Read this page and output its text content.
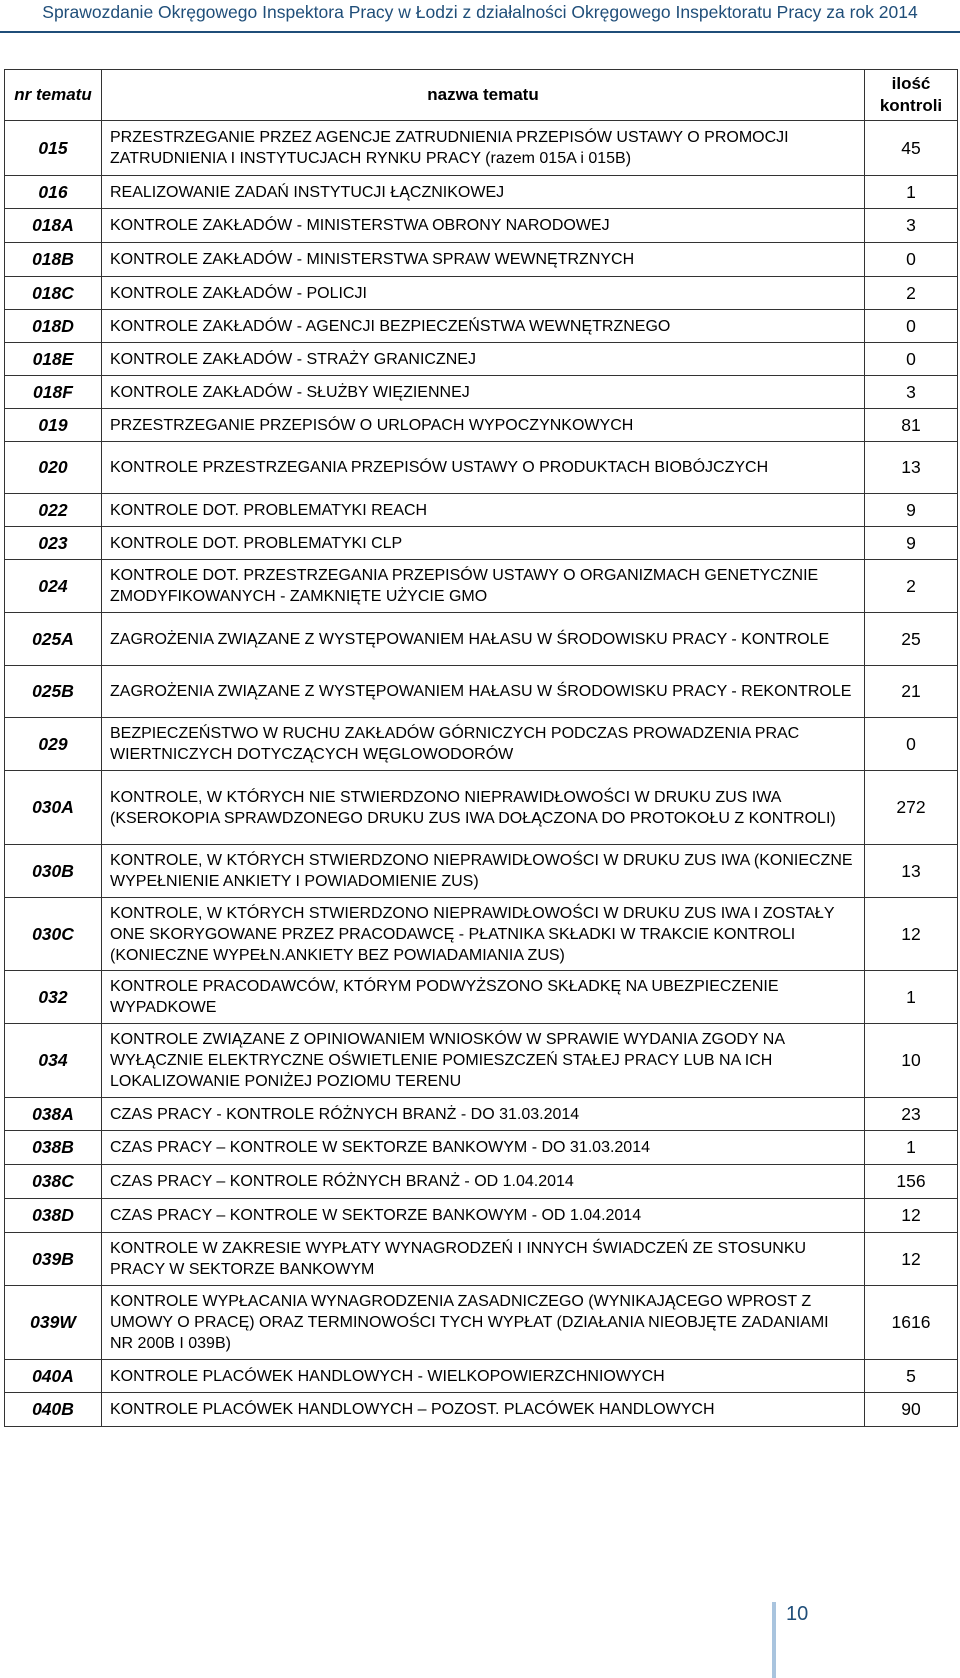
Sprawozdanie Okręgowego Inspektora Pracy w Łodzi z działalności Okręgowego Inspektoratu Pracy za rok 2014
nr tematu	nazwa tematu	ilość kontroli
015	PRZESTRZEGANIE PRZEZ AGENCJE ZATRUDNIENIA PRZEPISÓW USTAWY O PROMOCJI ZATRUDNIENIA I INSTYTUCJACH RYNKU PRACY (razem 015A i 015B)	45
016	REALIZOWANIE ZADAŃ INSTYTUCJI ŁĄCZNIKOWEJ	1
018A	KONTROLE ZAKŁADÓW - MINISTERSTWA OBRONY NARODOWEJ	3
018B	KONTROLE ZAKŁADÓW - MINISTERSTWA SPRAW WEWNĘTRZNYCH	0
018C	KONTROLE ZAKŁADÓW - POLICJI	2
018D	KONTROLE ZAKŁADÓW - AGENCJI BEZPIECZEŃSTWA WEWNĘTRZNEGO	0
018E	KONTROLE ZAKŁADÓW - STRAŻY GRANICZNEJ	0
018F	KONTROLE ZAKŁADÓW - SŁUŻBY WIĘZIENNEJ	3
019	PRZESTRZEGANIE PRZEPISÓW O URLOPACH WYPOCZYNKOWYCH	81
020	KONTROLE PRZESTRZEGANIA PRZEPISÓW USTAWY O PRODUKTACH BIOBÓJCZYCH	13
022	KONTROLE DOT. PROBLEMATYKI REACH	9
023	KONTROLE DOT. PROBLEMATYKI CLP	9
024	KONTROLE DOT. PRZESTRZEGANIA PRZEPISÓW USTAWY O ORGANIZMACH GENETYCZNIE ZMODYFIKOWANYCH - ZAMKNIĘTE UŻYCIE GMO	2
025A	ZAGROŻENIA ZWIĄZANE Z WYSTĘPOWANIEM HAŁASU W ŚRODOWISKU PRACY - KONTROLE	25
025B	ZAGROŻENIA ZWIĄZANE Z WYSTĘPOWANIEM HAŁASU W ŚRODOWISKU PRACY - REKONTROLE	21
029	BEZPIECZEŃSTWO W RUCHU ZAKŁADÓW GÓRNICZYCH PODCZAS PROWADZENIA PRAC WIERTNICZYCH DOTYCZĄCYCH WĘGLOWODORÓW	0
030A	KONTROLE, W KTÓRYCH NIE STWIERDZONO NIEPRAWIDŁOWOŚCI W DRUKU ZUS IWA (KSEROKOPIA SPRAWDZONEGO DRUKU ZUS IWA DOŁĄCZONA DO PROTOKOŁU Z KONTROLI)	272
030B	KONTROLE, W KTÓRYCH STWIERDZONO NIEPRAWIDŁOWOŚCI W DRUKU ZUS IWA (KONIECZNE WYPEŁNIENIE ANKIETY I POWIADOMIENIE ZUS)	13
030C	KONTROLE, W KTÓRYCH STWIERDZONO NIEPRAWIDŁOWOŚCI W DRUKU ZUS IWA I ZOSTAŁY ONE SKORYGOWANE PRZEZ PRACODAWCĘ - PŁATNIKA SKŁADKI W TRAKCIE KONTROLI (KONIECZNE WYPEŁN.ANKIETY BEZ POWIADAMIANIA ZUS)	12
032	KONTROLE PRACODAWCÓW, KTÓRYM PODWYŻSZONO SKŁADKĘ NA UBEZPIECZENIE WYPADKOWE	1
034	KONTROLE ZWIĄZANE Z OPINIOWANIEM WNIOSKÓW W SPRAWIE WYDANIA ZGODY NA WYŁĄCZNIE ELEKTRYCZNE OŚWIETLENIE POMIESZCZEŃ STAŁEJ PRACY LUB NA ICH LOKALIZOWANIE PONIŻEJ POZIOMU TERENU	10
038A	CZAS PRACY - KONTROLE RÓŻNYCH BRANŻ - DO 31.03.2014	23
038B	CZAS PRACY – KONTROLE W SEKTORZE BANKOWYM - DO 31.03.2014	1
038C	CZAS PRACY – KONTROLE RÓŻNYCH BRANŻ - OD 1.04.2014	156
038D	CZAS PRACY – KONTROLE W SEKTORZE BANKOWYM - OD 1.04.2014	12
039B	KONTROLE W ZAKRESIE WYPŁATY WYNAGRODZEŃ I INNYCH ŚWIADCZEŃ ZE STOSUNKU PRACY W SEKTORZE BANKOWYM	12
039W	KONTROLE WYPŁACANIA WYNAGRODZENIA ZASADNICZEGO (WYNIKAJĄCEGO WPROST Z UMOWY O PRACĘ) ORAZ TERMINOWOŚCI TYCH WYPŁAT (DZIAŁANIA NIEOBJĘTE ZADANIAMI NR 200B I 039B)	1616
040A	KONTROLE PLACÓWEK HANDLOWYCH - WIELKOPOWIERZCHNIOWYCH	5
040B	KONTROLE PLACÓWEK HANDLOWYCH – POZOST. PLACÓWEK HANDLOWYCH	90
10
